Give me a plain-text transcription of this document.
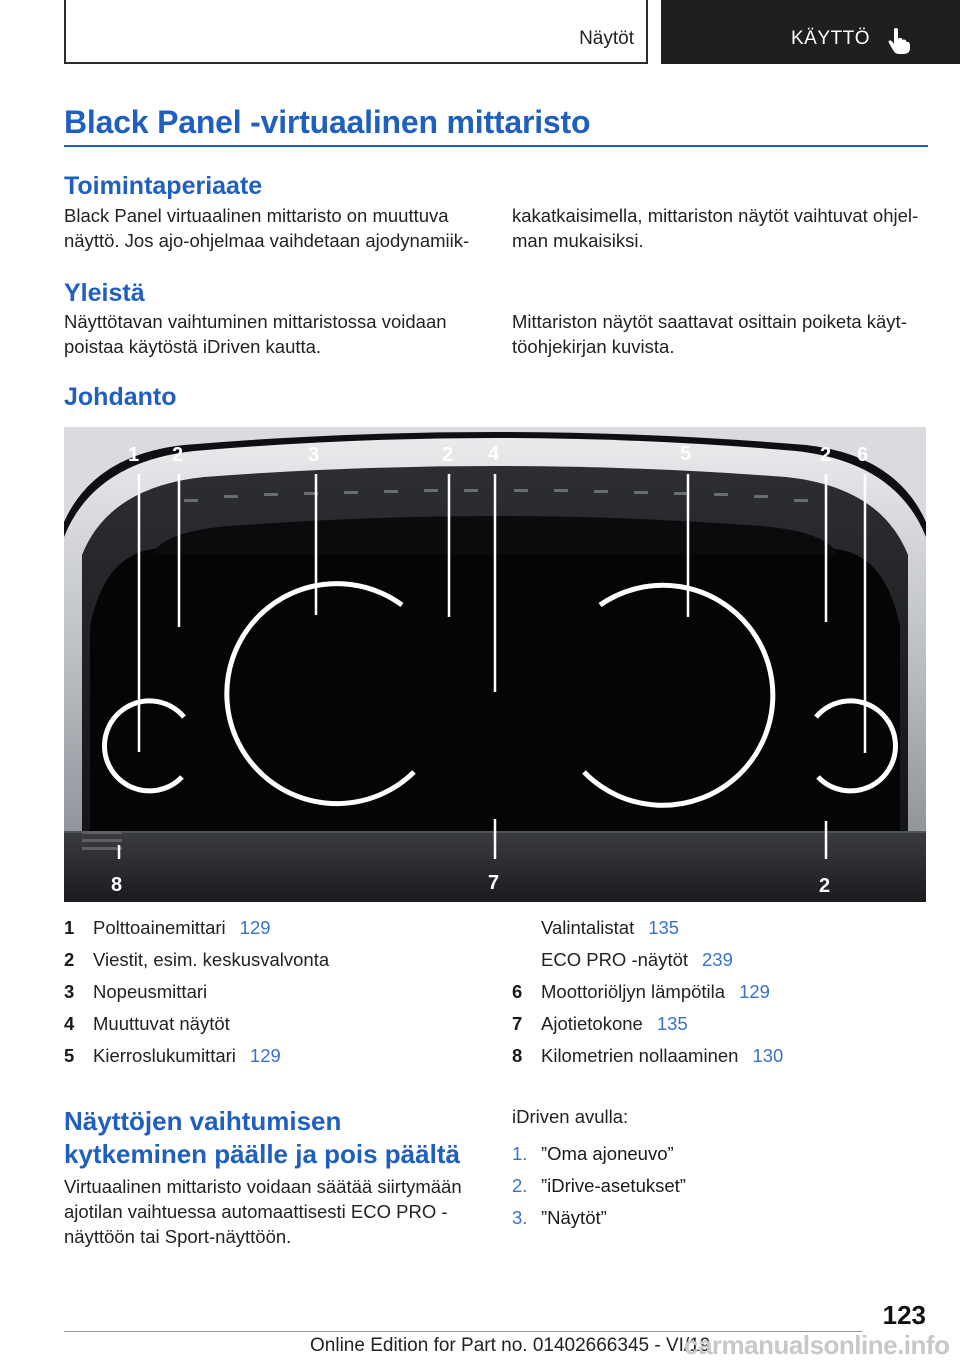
Näytöt	KÄYTTÖ
Black Panel -virtuaalinen mittaristo

Toimintaperiaate

Black Panel virtuaalinen mittaristo on muuttuva

näyttö. Jos ajo-ohjelmaa vaihdetaan ajodynamiik-

kakatkaisimella, mittariston näytöt vaihtuvat ohjel-

man mukaisiksi.

Yleistä

Näyttötavan vaihtuminen mittaristossa voidaan

poistaa käytöstä iDriven kautta.

Mittariston näytöt saattavat osittain poiketa käyt-

töohjekirjan kuvista.

Johdanto

1 2	3	2 4	5	2 6
8	7	2
1	Polttoainemittari 129
2	Viestit, esim. keskusvalvonta
3	Nopeusmittari
4	Muuttuvat näytöt
5	Kierroslukumittari 129
Valintalistat 135
ECO PRO -näytöt 239
6	Moottoriöljyn lämpötila 129
7	Ajotietokone 135
8	Kilometrien nollaaminen 130

Näyttöjen vaihtumisen

kytkeminen päälle ja pois päältä

Virtuaalinen mittaristo voidaan säätää siirtymään

ajotilan vaihtuessa automaattisesti ECO PRO -

näyttöön tai Sport-näyttöön.

iDriven avulla:

1. ”Oma ajoneuvo”
2. ”iDrive-asetukset”
3. ”Näytöt”
123
Online Edition for Part no. 01402666345 - VI/19
carmanualsonline.info
